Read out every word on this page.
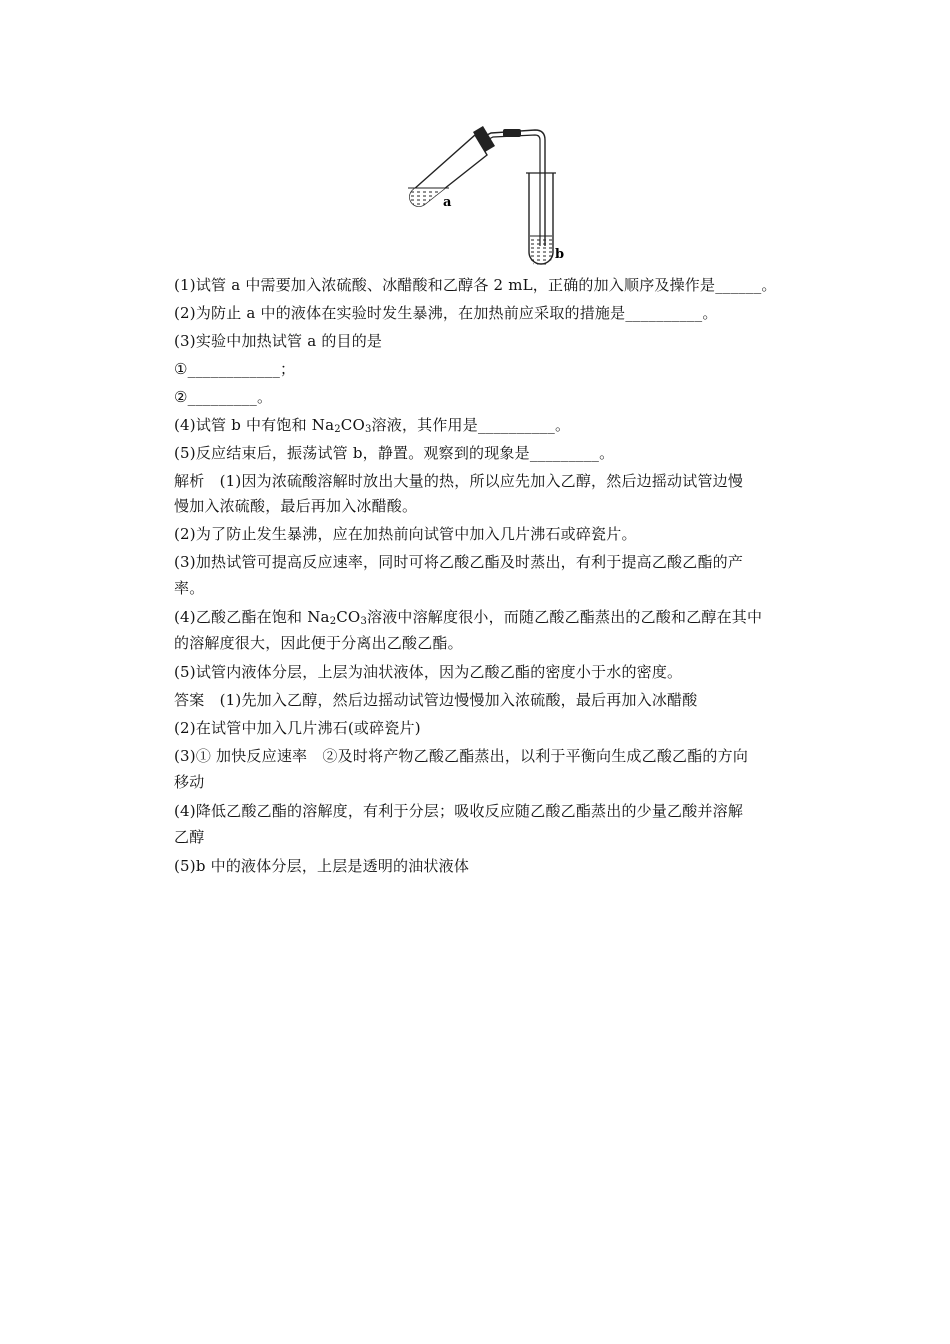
a
b
(1)试管 a 中需要加入浓硫酸、冰醋酸和乙醇各 2 mL，正确的加入顺序及操作是______。
(2)为防止 a 中的液体在实验时发生暴沸，在加热前应采取的措施是__________。
(3)实验中加热试管 a 的目的是
①____________；
②_________。
(4)试管 b 中有饱和 $Na_2CO_3$溶液，其作用是__________。
(5)反应结束后，振荡试管 b，静置。观察到的现象是_________。
解析　(1)因为浓硫酸溶解时放出大量的热，所以应先加入乙醇，然后边摇动试管边慢
慢加入浓硫酸，最后再加入冰醋酸。
(2)为了防止发生暴沸，应在加热前向试管中加入几片沸石或碎瓷片。
(3)加热试管可提高反应速率，同时可将乙酸乙酯及时蒸出，有利于提高乙酸乙酯的产
率。
(4)乙酸乙酯在饱和 $Na_2CO_3$溶液中溶解度很小，而随乙酸乙酯蒸出的乙酸和乙醇在其中
的溶解度很大，因此便于分离出乙酸乙酯。
(5)试管内液体分层，上层为油状液体，因为乙酸乙酯的密度小于水的密度。
答案　(1)先加入乙醇，然后边摇动试管边慢慢加入浓硫酸，最后再加入冰醋酸
(2)在试管中加入几片沸石(或碎瓷片)
(3)① 加快反应速率　②及时将产物乙酸乙酯蒸出，以利于平衡向生成乙酸乙酯的方向
移动
(4)降低乙酸乙酯的溶解度，有利于分层；吸收反应随乙酸乙酯蒸出的少量乙酸并溶解
乙醇
(5)b 中的液体分层，上层是透明的油状液体
